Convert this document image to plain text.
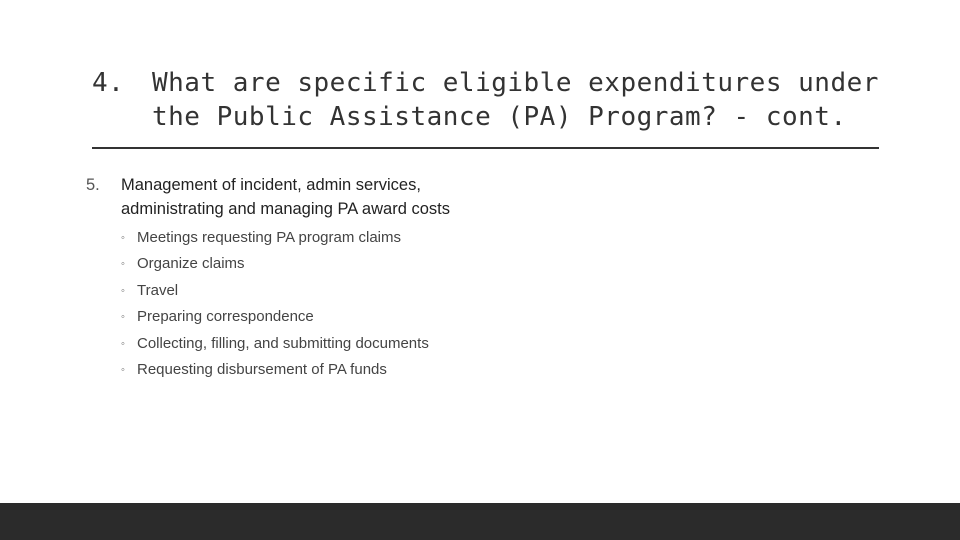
4.	What are specific eligible expenditures under
the Public Assistance (PA) Program? - cont.
5.	Management of incident, admin services, administrating and managing PA award costs
◦ Meetings requesting PA program claims
◦ Organize claims
◦ Travel
◦ Preparing correspondence
◦ Collecting, filling, and submitting documents
◦ Requesting disbursement of PA funds
